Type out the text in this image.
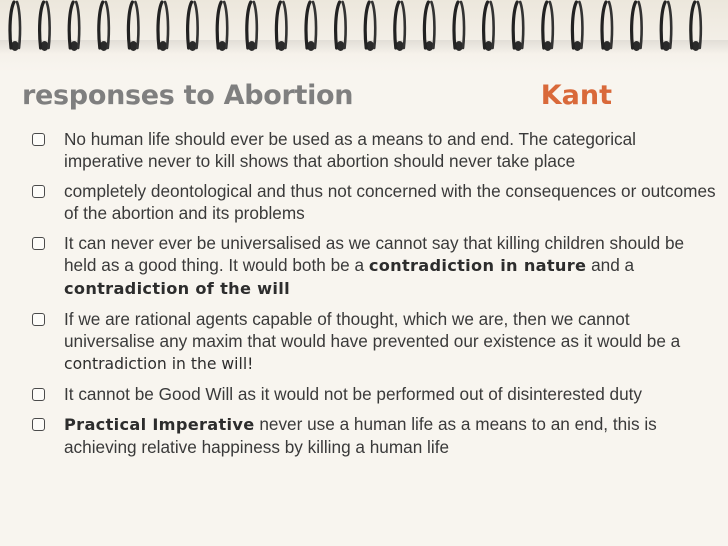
responses to Abortion	Kant
No human life should ever be used as a means to and end. The categorical imperative never to kill shows that abortion should never take place
completely deontological and thus not concerned with the consequences or outcomes of the abortion and its problems
It can never ever be universalised as we cannot say that killing children should be held as a good thing. It would both be a contradiction in nature and a contradiction of the will
If we are rational agents capable of thought, which we are, then we cannot universalise any maxim that would have prevented our existence as it would be a contradiction in the will!
It cannot be Good Will as it would not be performed out of disinterested duty
Practical Imperative never use a human life as a means to an end, this is achieving relative happiness by killing a human life
